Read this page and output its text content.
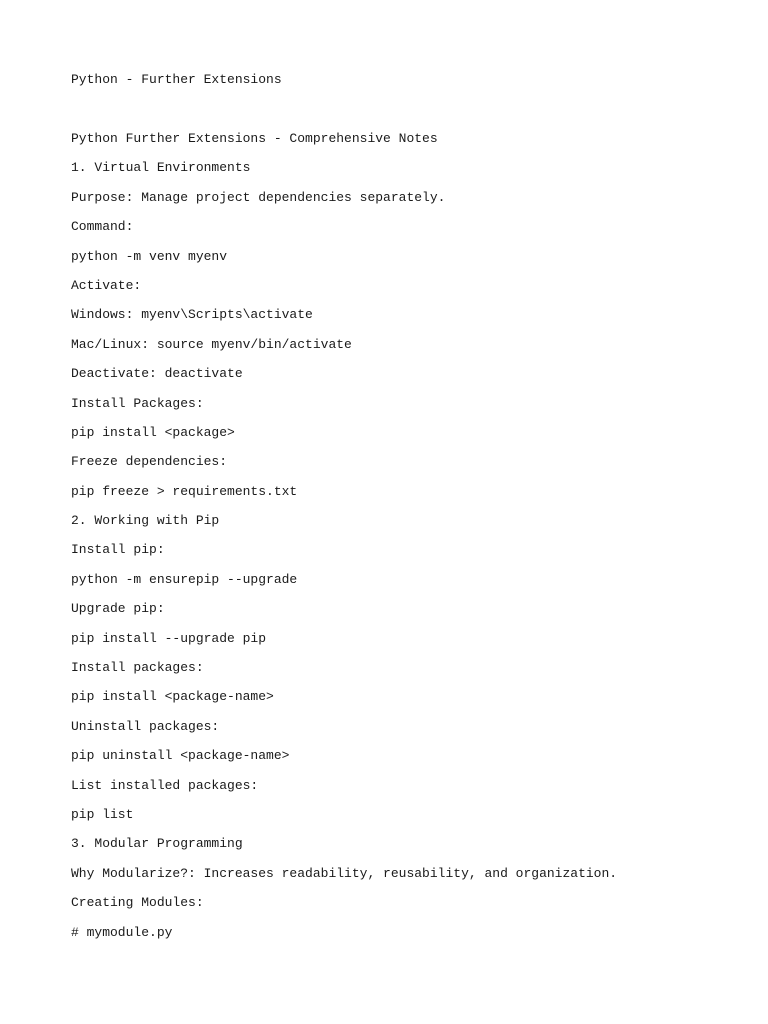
Python - Further Extensions

Python Further Extensions - Comprehensive Notes
1. Virtual Environments
Purpose: Manage project dependencies separately.
Command:
python -m venv myenv
Activate:
Windows: myenv\Scripts\activate
Mac/Linux: source myenv/bin/activate
Deactivate: deactivate
Install Packages:
pip install <package>
Freeze dependencies:
pip freeze > requirements.txt
2. Working with Pip
Install pip:
python -m ensurepip --upgrade
Upgrade pip:
pip install --upgrade pip
Install packages:
pip install <package-name>
Uninstall packages:
pip uninstall <package-name>
List installed packages:
pip list
3. Modular Programming
Why Modularize?: Increases readability, reusability, and organization.
Creating Modules:
# mymodule.py
